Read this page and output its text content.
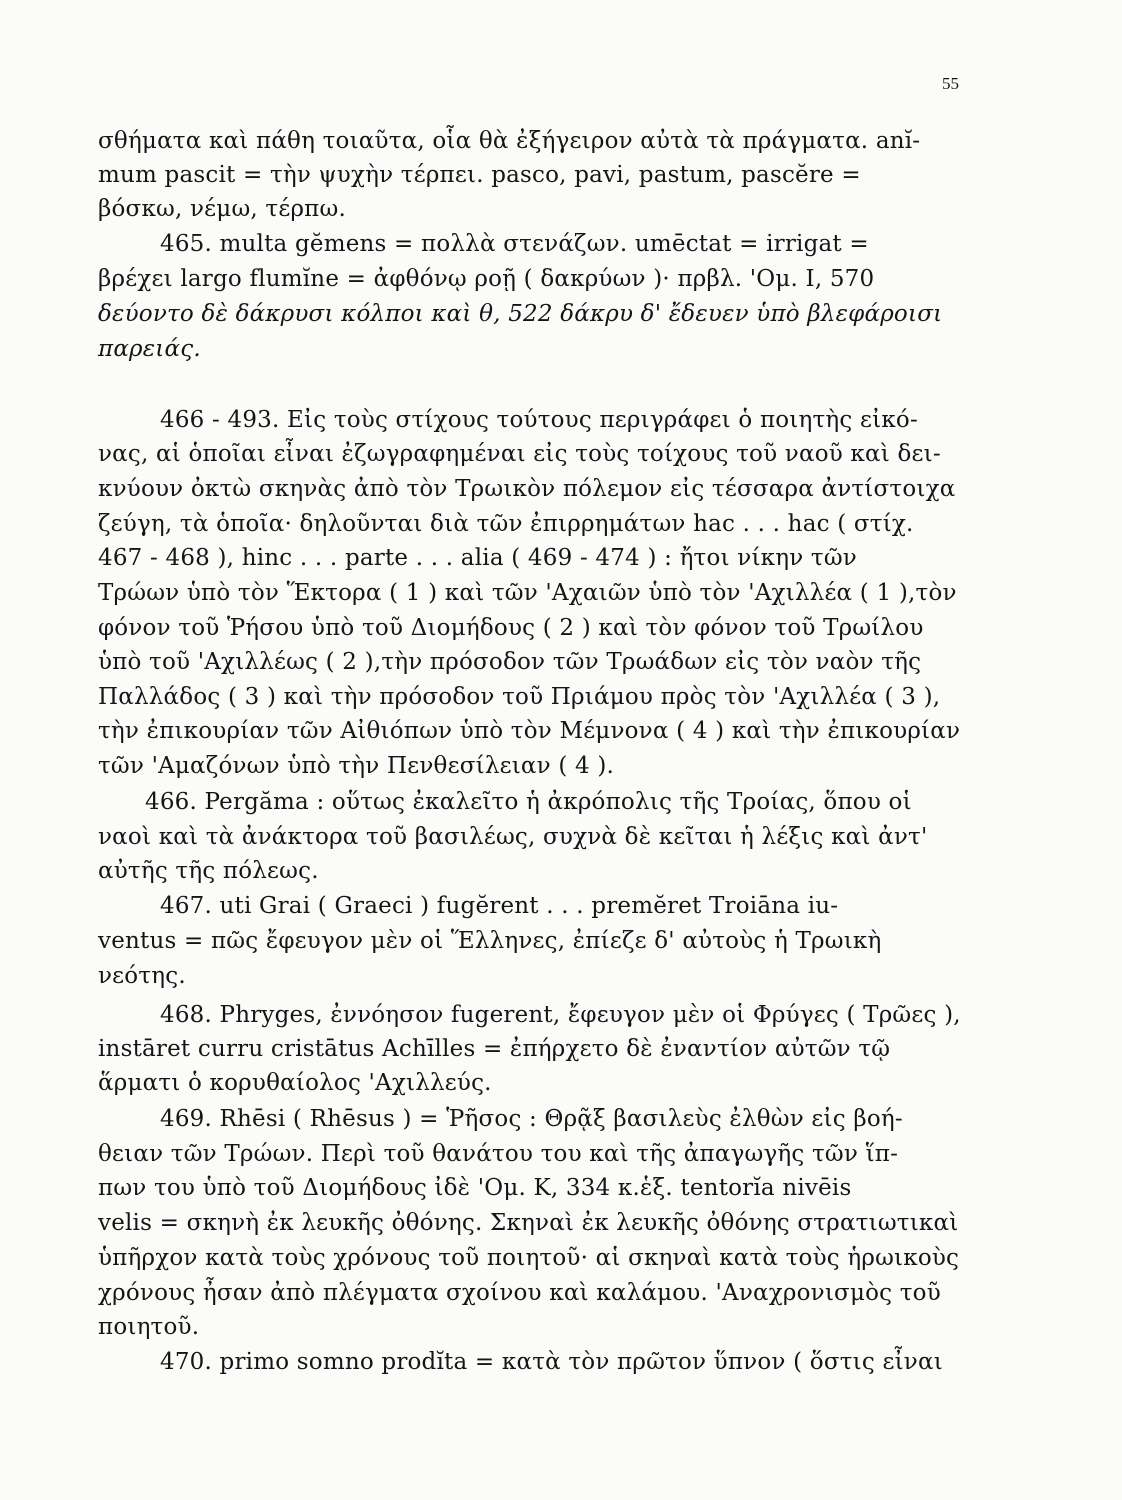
55
σθήματα καὶ πάθη τοιαῦτα, οἷα θὰ ἐξήγειρον αὐτὰ τὰ πράγματα. anĭ-
mum pascit = τὴν ψυχὴν τέρπει. pasco, pavi, pastum, pascĕre =
βόσκω, νέμω, τέρπω.
465. multa gĕmens = πολλὰ στενάζων. umēctat = irrigat =
βρέχει largo flumĭne = ἀφθόνῳ ροῇ ( δακρύων )· πρβλ. 'Ομ. Ι, 570
δεύοντο δὲ δάκρυσι κόλποι καὶ θ, 522 δάκρυ δ' ἔδευεν ὑπὸ βλεφάροισι
παρειάς.
466 - 493. Εἰς τοὺς στίχους τούτους περιγράφει ὁ ποιητὴς εἰκό-
νας, αἱ ὁποῖαι εἶναι ἐζωγραφημέναι εἰς τοὺς τοίχους τοῦ ναοῦ καὶ δει-
κνύουν ὀκτὼ σκηνὰς ἀπὸ τὸν Τρωικὸν πόλεμον εἰς τέσσαρα ἀντίστοιχα
ζεύγη, τὰ ὁποῖα· δηλοῦνται διὰ τῶν ἐπιρρημάτων hac . . . hac ( στίχ.
467 - 468 ), hinc . . . parte . . . alia ( 469 - 474 ) : ἤτοι νίκην τῶν
Τρώων ὑπὸ τὸν Ἕκτορα ( 1 ) καὶ τῶν 'Αχαιῶν ὑπὸ τὸν 'Αχιλλέα ( 1 ),τὸν
φόνον τοῦ Ῥήσου ὑπὸ τοῦ Διομήδους ( 2 ) καὶ τὸν φόνον τοῦ Τρωίλου
ὑπὸ τοῦ 'Αχιλλέως ( 2 ),τὴν πρόσοδον τῶν Τρωάδων εἰς τὸν ναὸν τῆς
Παλλάδος ( 3 ) καὶ τὴν πρόσοδον τοῦ Πριάμου πρὸς τὸν 'Αχιλλέα ( 3 ),
τὴν ἐπικουρίαν τῶν Αἰθιόπων ὑπὸ τὸν Μέμνονα ( 4 ) καὶ τὴν ἐπικουρίαν
τῶν 'Αμαζόνων ὑπὸ τὴν Πενθεσίλειαν ( 4 ).
466. Pergăma : οὕτως ἐκαλεῖτο ἡ ἀκρόπολις τῆς Τροίας, ὅπου οἱ
ναοὶ καὶ τὰ ἀνάκτορα τοῦ βασιλέως, συχνὰ δὲ κεῖται ἡ λέξις καὶ ἀντ'
αὐτῆς τῆς πόλεως.
467. uti Grai ( Graeci ) fugĕrent . . . premĕret Troiāna iu-
ventus = πῶς ἔφευγον μὲν οἱ Ἕλληνες, ἐπίεζε δ' αὐτοὺς ἡ Τρωικὴ
νεότης.
468. Phryges, ἐννόησον fugerent, ἔφευγον μὲν οἱ Φρύγες ( Τρῶες ),
instāret curru cristātus Achīlles = ἐπήρχετο δὲ ἐναντίον αὐτῶν τῷ
ἅρματι ὁ κορυθαίολος 'Αχιλλεύς.
469. Rhēsi ( Rhēsus ) = Ῥῆσος : Θρᾷξ βασιλεὺς ἐλθὼν εἰς βοή-
θειαν τῶν Τρώων. Περὶ τοῦ θανάτου του καὶ τῆς ἀπαγωγῆς τῶν ἵπ-
πων του ὑπὸ τοῦ Διομήδους ἰδὲ 'Ομ. Κ, 334 κ.ἑξ. tentorĭa nivēis
velis = σκηνὴ ἐκ λευκῆς ὀθόνης. Σκηναὶ ἐκ λευκῆς ὀθόνης στρατιωτικαὶ
ὑπῆρχον κατὰ τοὺς χρόνους τοῦ ποιητοῦ· αἱ σκηναὶ κατὰ τοὺς ἡρωικοὺς
χρόνους ἦσαν ἀπὸ πλέγματα σχοίνου καὶ καλάμου. 'Αναχρονισμὸς τοῦ
ποιητοῦ.
470. primo somno prodĭta = κατὰ τὸν πρῶτον ὕπνον ( ὅστις εἶναι
